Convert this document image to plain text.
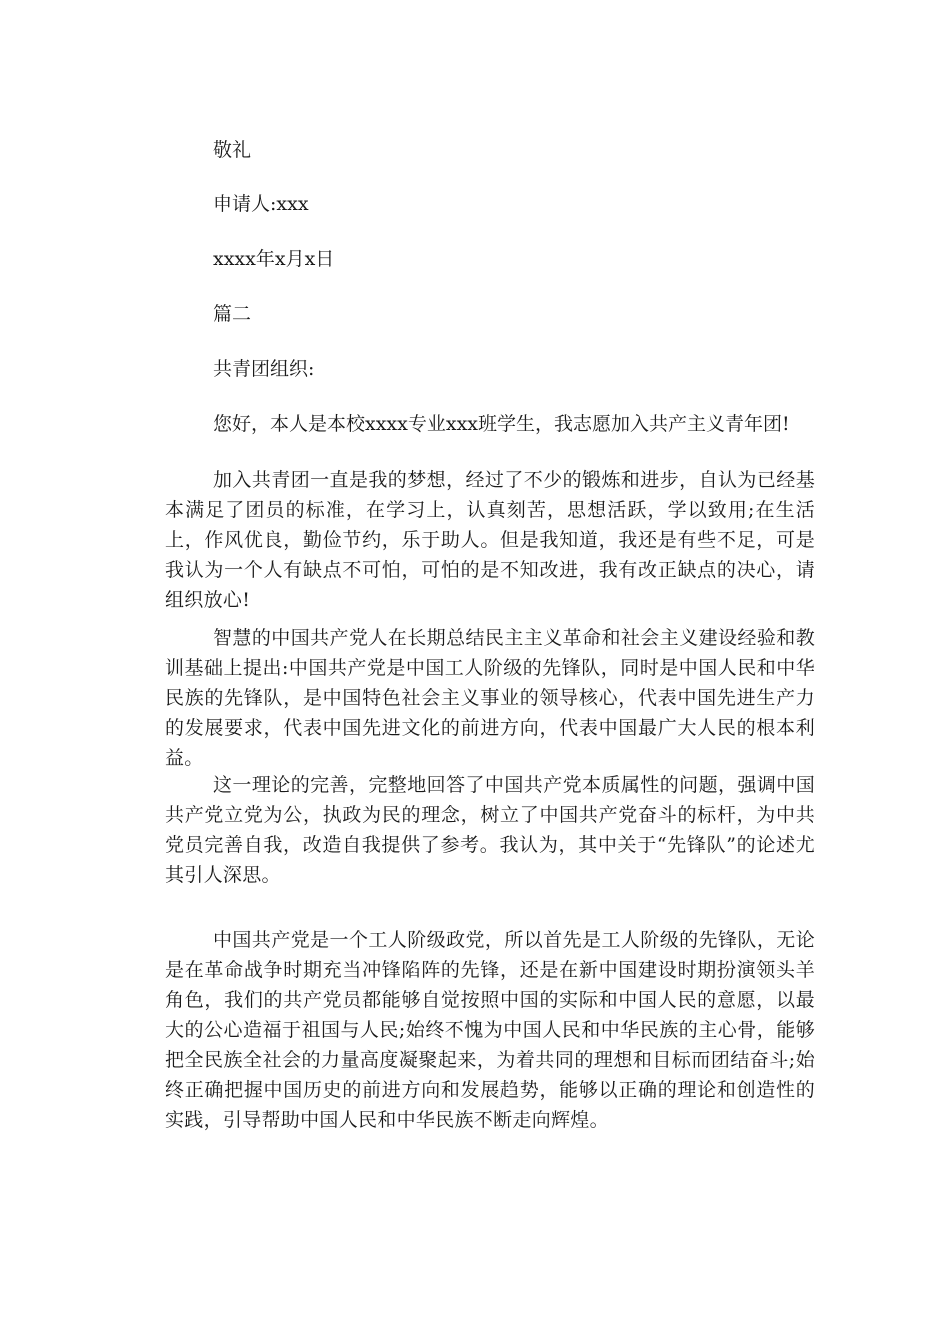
敬礼
申请人:xxx
xxxx年x月x日
篇二
共青团组织:
您好，本人是本校xxxx专业xxx班学生，我志愿加入共产主义青年团!
加入共青团一直是我的梦想，经过了不少的锻炼和进步，自认为已经基本满足了团员的标准，在学习上，认真刻苦，思想活跃，学以致用;在生活上，作风优良，勤俭节约，乐于助人。但是我知道，我还是有些不足，可是我认为一个人有缺点不可怕，可怕的是不知改进，我有改正缺点的决心，请组织放心!
智慧的中国共产党人在长期总结民主主义革命和社会主义建设经验和教训基础上提出:中国共产党是中国工人阶级的先锋队，同时是中国人民和中华民族的先锋队，是中国特色社会主义事业的领导核心，代表中国先进生产力的发展要求，代表中国先进文化的前进方向，代表中国最广大人民的根本利益。
这一理论的完善，完整地回答了中国共产党本质属性的问题，强调中国共产党立党为公，执政为民的理念，树立了中国共产党奋斗的标杆，为中共党员完善自我，改造自我提供了参考。我认为，其中关于“先锋队”的论述尤其引人深思。
中国共产党是一个工人阶级政党，所以首先是工人阶级的先锋队，无论是在革命战争时期充当冲锋陷阵的先锋，还是在新中国建设时期扮演领头羊角色，我们的共产党员都能够自觉按照中国的实际和中国人民的意愿，以最大的公心造福于祖国与人民;始终不愧为中国人民和中华民族的主心骨，能够把全民族全社会的力量高度凝聚起来，为着共同的理想和目标而团结奋斗;始终正确把握中国历史的前进方向和发展趋势，能够以正确的理论和创造性的实践，引导帮助中国人民和中华民族不断走向辉煌。
